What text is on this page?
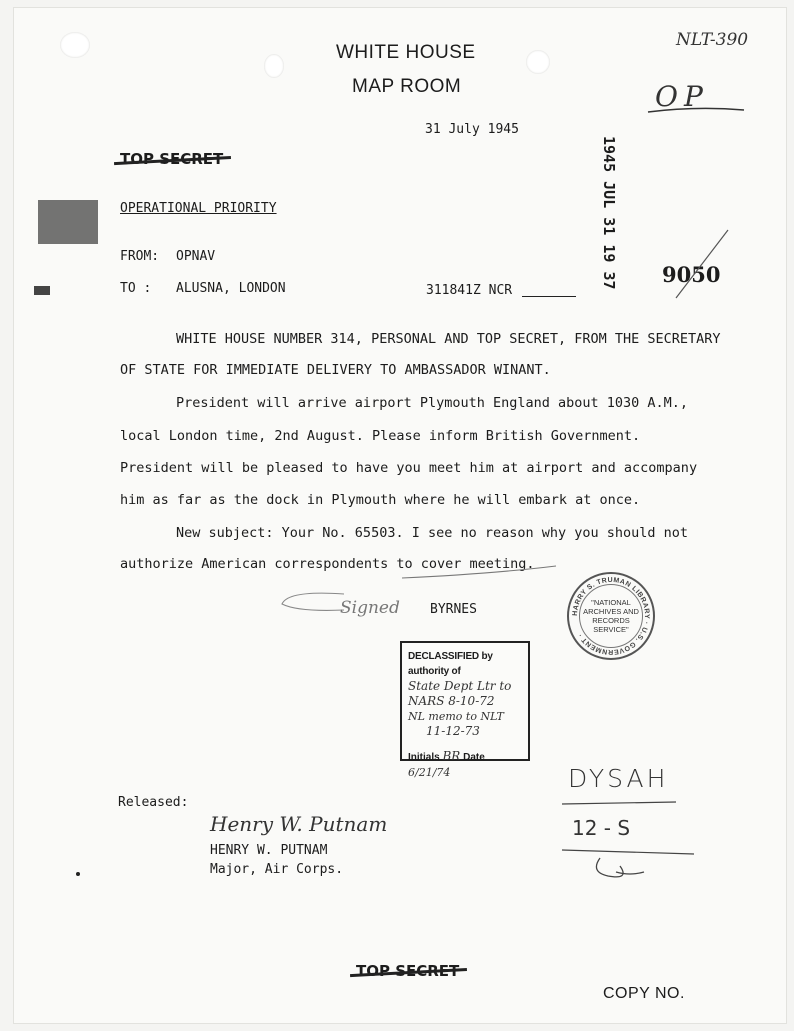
WHITE HOUSE
MAP ROOM
31 July 1945
NLT-390
OP
1945 JUL 31 19 37 9050
TOP SECRET
OPERATIONAL PRIORITY
FROM: OPNAV
TO : ALUSNA, LONDON	311841Z NCR
WHITE HOUSE NUMBER 314, PERSONAL AND TOP SECRET, FROM THE SECRETARY
OF STATE FOR IMMEDIATE DELIVERY TO AMBASSADOR WINANT.
President will arrive airport Plymouth England about 1030 A.M.,
local London time, 2nd August. Please inform British Government.
President will be pleased to have you meet him at airport and accompany
him as far as the dock in Plymouth where he will embark at once.
New subject: Your No. 65503. I see no reason why you should not
authorize American correspondents to cover meeting.
Signed BYRNES	HARRY S. TRUMAN LIBRARY · U.S. GOVERNMENT ·
"NATIONAL
ARCHIVES AND
RECORDS
SERVICE"
DECLASSIFIED by authority of
State Dept Ltr to
NARS 8-10-72
NL memo to NLT
11-12-73
Initials BR Date 6/21/74
Released:
Henry W. Putnam
HENRY W. PUTNAM
Major, Air Corps.
DYSAH
12 - S
TOP SECRET
COPY NO.
